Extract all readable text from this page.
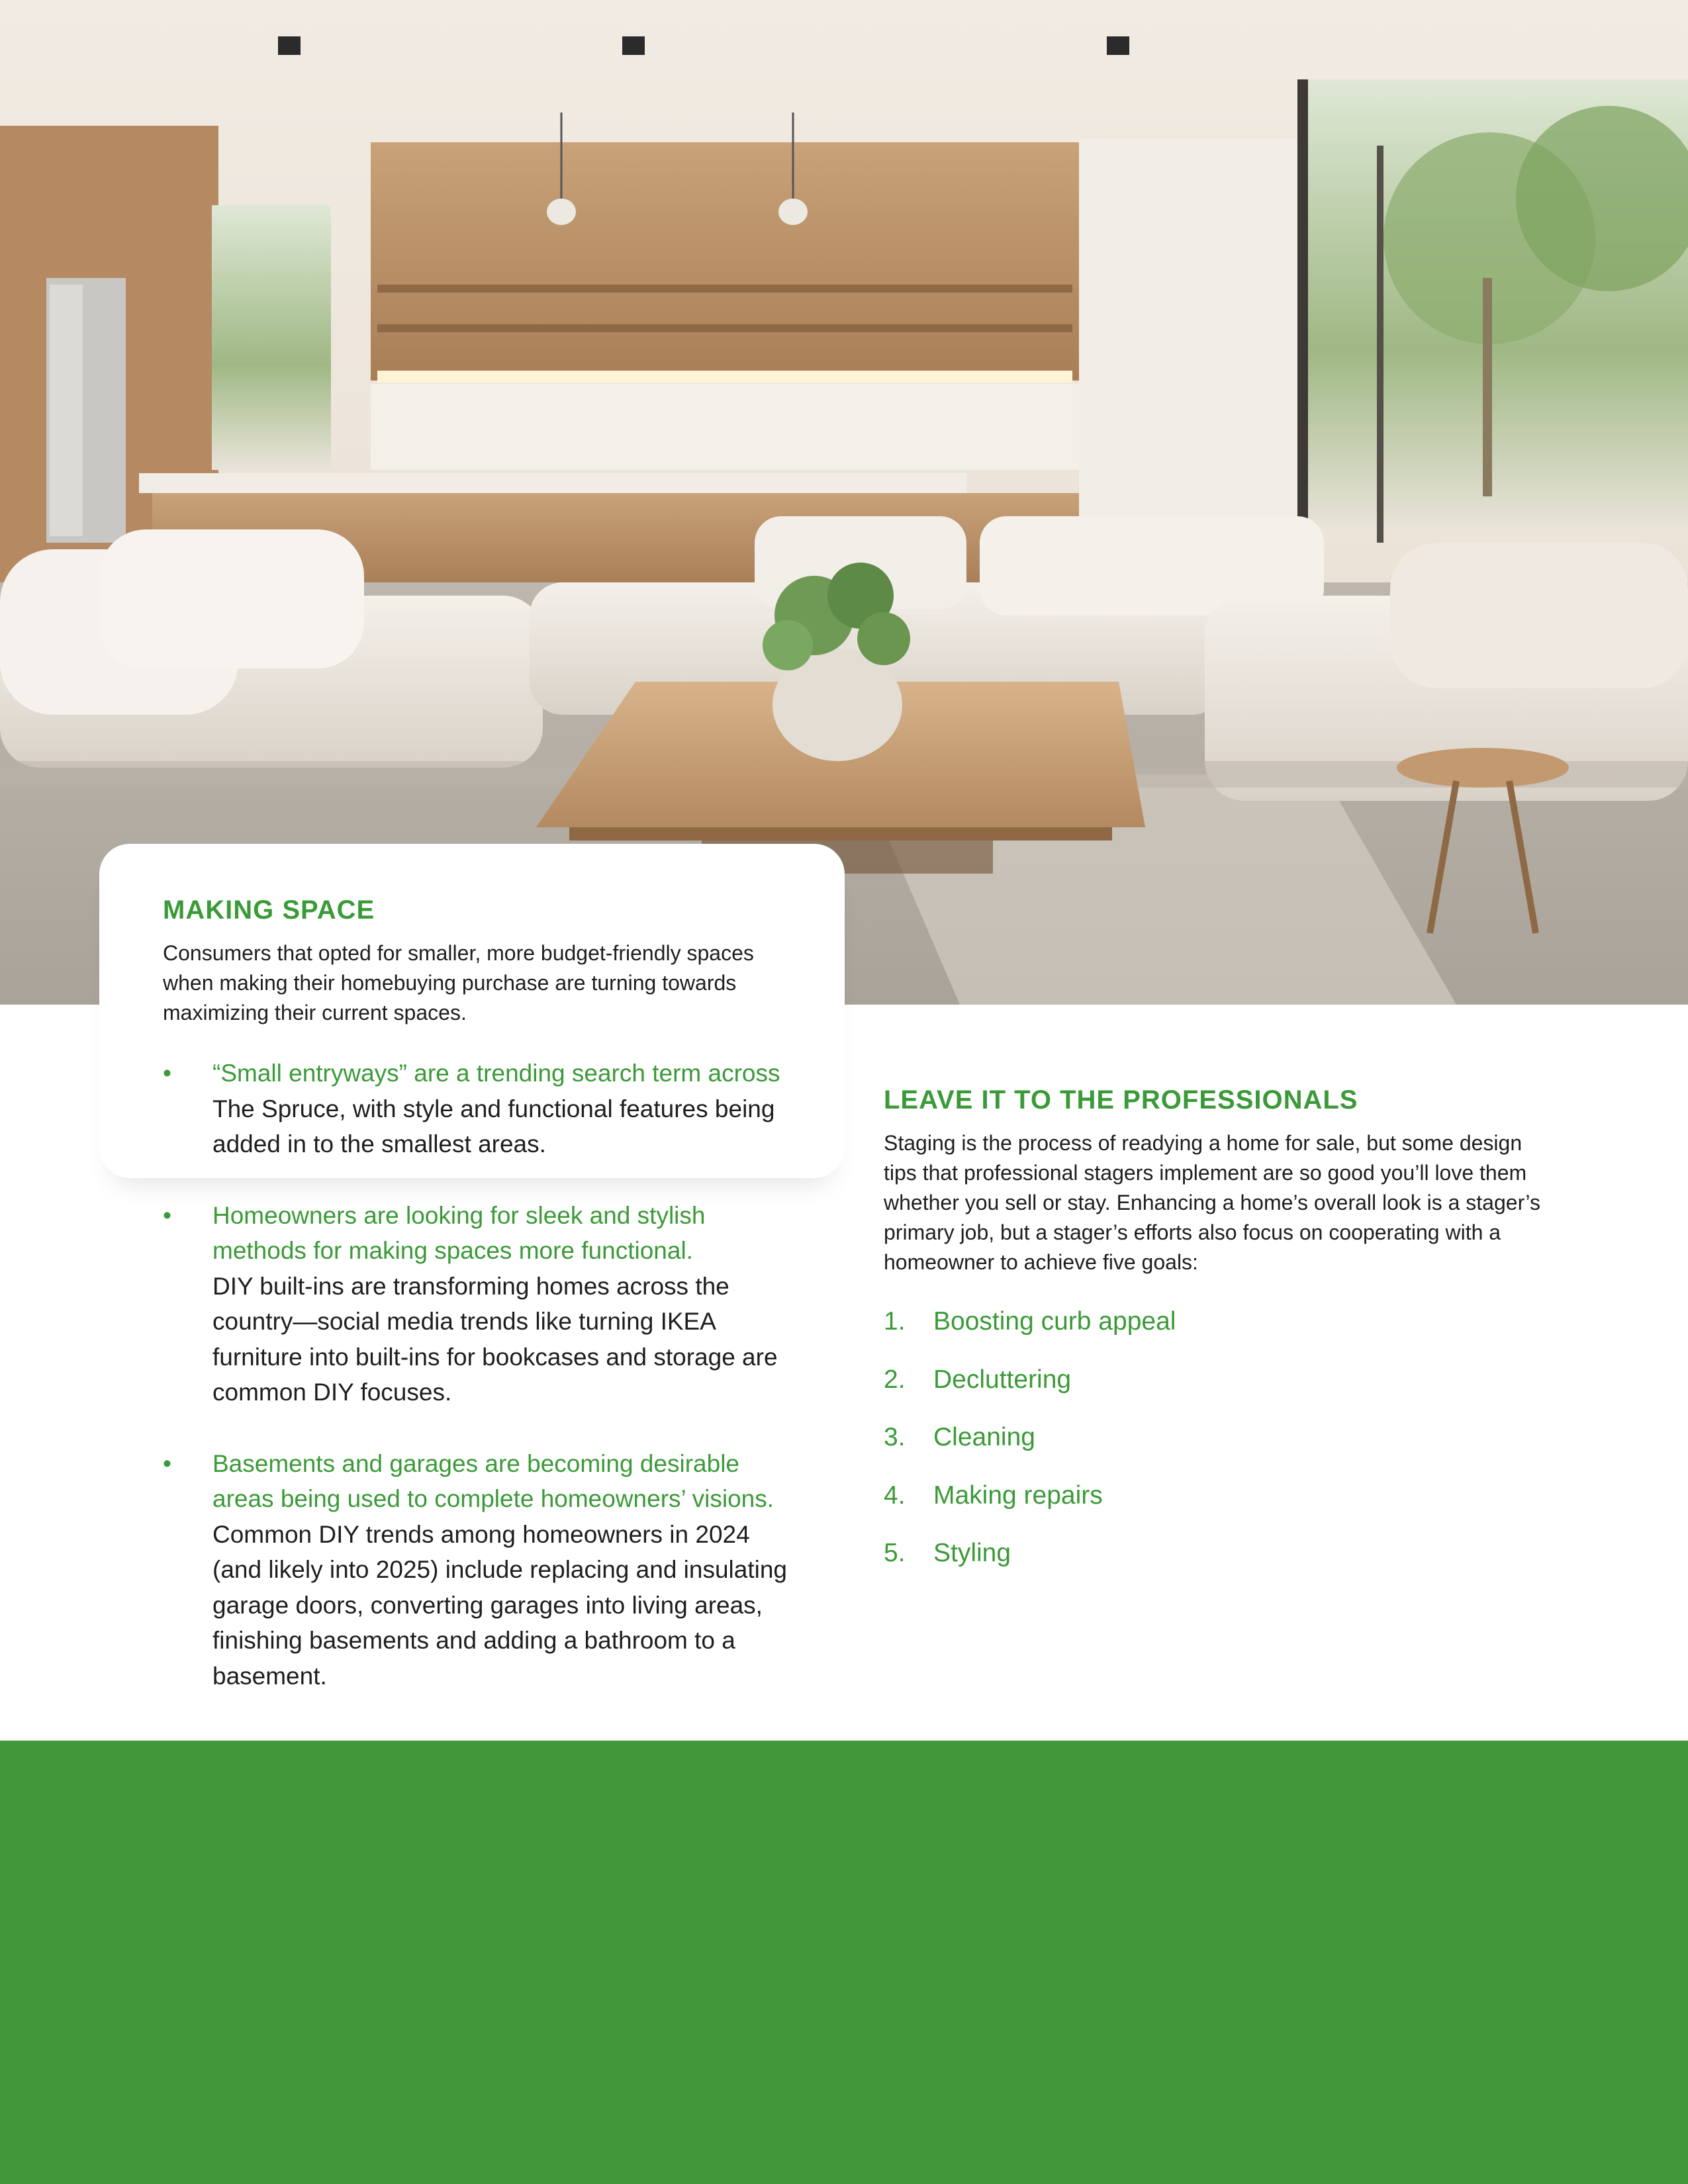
MAKING SPACE

Consumers that opted for smaller, more budget-friendly spaces when making their homebuying purchase are turning towards maximizing their current spaces.

• “Small entryways” are a trending search term across
The Spruce, with style and functional features being added in to the smallest areas.
• Homeowners are looking for sleek and stylish methods for making spaces more functional.
DIY built-ins are transforming homes across the country—social media trends like turning IKEA furniture into built-ins for bookcases and storage are common DIY focuses.
• Basements and garages are becoming desirable areas being used to complete homeowners’ visions.
Common DIY trends among homeowners in 2024 (and likely into 2025) include replacing and insulating garage doors, converting garages into living areas, finishing basements and adding a bathroom to a basement.
LEAVE IT TO THE PROFESSIONALS

Staging is the process of readying a home for sale, but some design tips that professional stagers implement are so good you’ll love them whether you sell or stay. Enhancing a home’s overall look is a stager’s primary job, but a stager’s efforts also focus on cooperating with a homeowner to achieve five goals:

1. Boosting curb appeal
2. Decluttering
3. Cleaning
4. Making repairs
5. Styling
